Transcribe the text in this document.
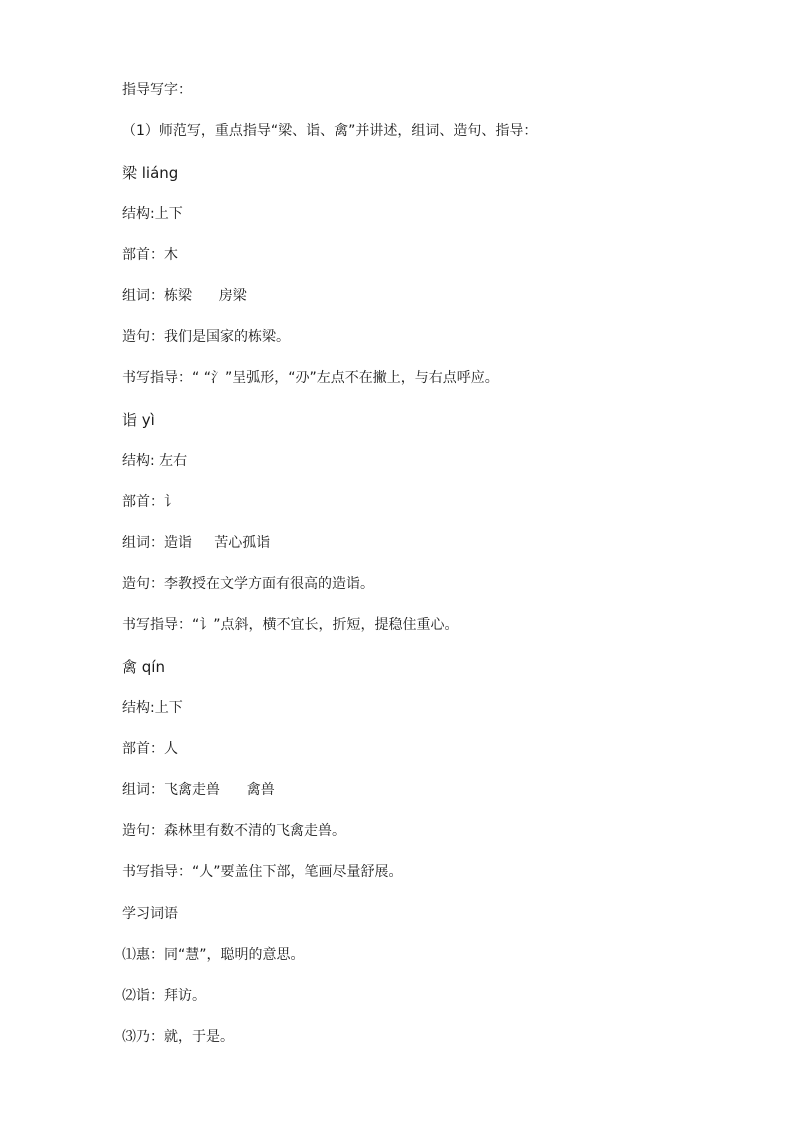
指导写字：
（1）师范写，重点指导“梁、诣、禽”并讲述，组词、造句、指导：
梁 liáng
结构:上下
部首：木
组词：栋梁      房梁
造句：我们是国家的栋梁。
书写指导：“ “氵”呈弧形，“刅”左点不在撇上，与右点呼应。
诣 yì
结构: 左右
部首：讠
组词：造诣     苦心孤诣
造句：李教授在文学方面有很高的造诣。
书写指导：“讠”点斜，横不宜长，折短，提稳住重心。
禽 qín
结构:上下
部首：人
组词：飞禽走兽      禽兽
造句：森林里有数不清的飞禽走兽。
书写指导：“人”要盖住下部，笔画尽量舒展。
学习词语
⑴惠：同“慧”，聪明的意思。
⑵诣：拜访。
⑶乃：就，于是。
